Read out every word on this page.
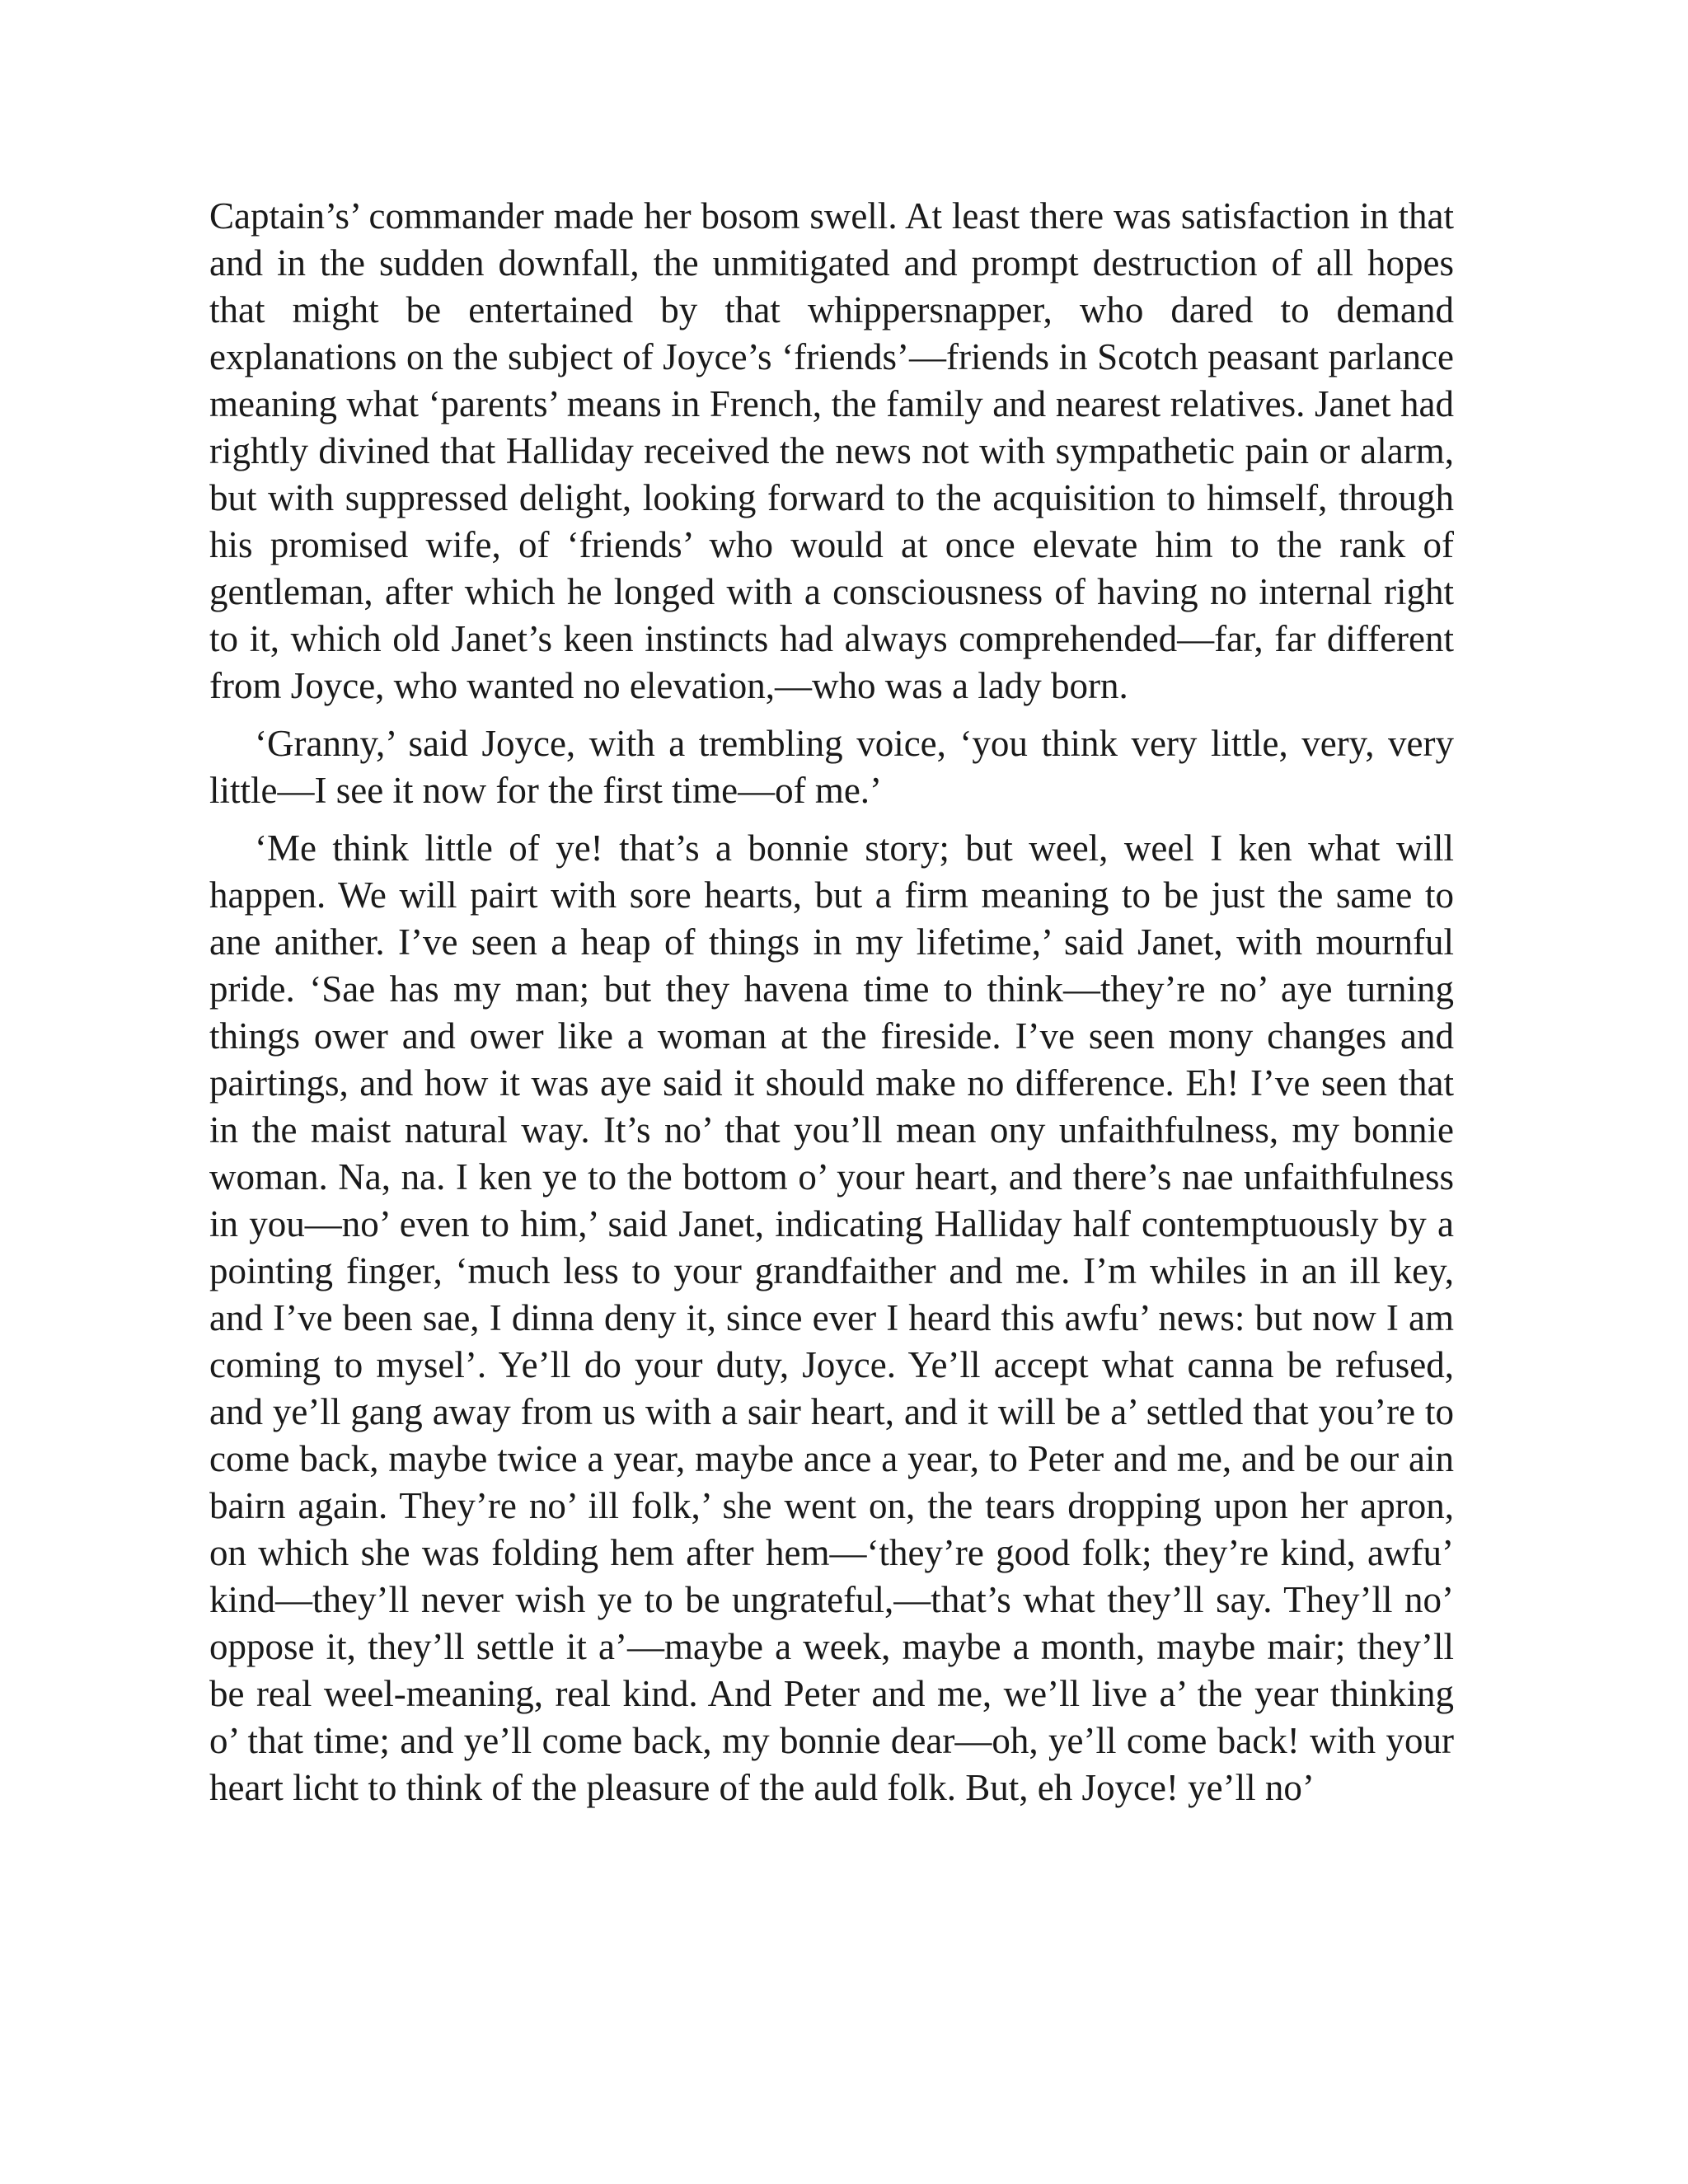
Captain’s’ commander made her bosom swell. At least there was satisfaction in that and in the sudden downfall, the unmitigated and prompt destruction of all hopes that might be entertained by that whippersnapper, who dared to demand explanations on the subject of Joyce’s ‘friends’—friends in Scotch peasant parlance meaning what ‘parents’ means in French, the family and nearest relatives. Janet had rightly divined that Halliday received the news not with sympathetic pain or alarm, but with suppressed delight, looking forward to the acquisition to himself, through his promised wife, of ‘friends’ who would at once elevate him to the rank of gentleman, after which he longed with a consciousness of having no internal right to it, which old Janet’s keen instincts had always comprehended—far, far different from Joyce, who wanted no elevation,—who was a lady born.

‘Granny,’ said Joyce, with a trembling voice, ‘you think very little, very, very little—I see it now for the first time—of me.’

‘Me think little of ye! that’s a bonnie story; but weel, weel I ken what will happen. We will pairt with sore hearts, but a firm meaning to be just the same to ane anither. I’ve seen a heap of things in my lifetime,’ said Janet, with mournful pride. ‘Sae has my man; but they havena time to think—they’re no’ aye turning things ower and ower like a woman at the fireside. I’ve seen mony changes and pairtings, and how it was aye said it should make no difference. Eh! I’ve seen that in the maist natural way. It’s no’ that you’ll mean ony unfaithfulness, my bonnie woman. Na, na. I ken ye to the bottom o’ your heart, and there’s nae unfaithfulness in you—no’ even to him,’ said Janet, indicating Halliday half contemptuously by a pointing finger, ‘much less to your grandfaither and me. I’m whiles in an ill key, and I’ve been sae, I dinna deny it, since ever I heard this awfu’ news: but now I am coming to mysel’. Ye’ll do your duty, Joyce. Ye’ll accept what canna be refused, and ye’ll gang away from us with a sair heart, and it will be a’ settled that you’re to come back, maybe twice a year, maybe ance a year, to Peter and me, and be our ain bairn again. They’re no’ ill folk,’ she went on, the tears dropping upon her apron, on which she was folding hem after hem—‘they’re good folk; they’re kind, awfu’ kind—they’ll never wish ye to be ungrateful,—that’s what they’ll say. They’ll no’ oppose it, they’ll settle it a’—maybe a week, maybe a month, maybe mair; they’ll be real weel-meaning, real kind. And Peter and me, we’ll live a’ the year thinking o’ that time; and ye’ll come back, my bonnie dear—oh, ye’ll come back! with your heart licht to think of the pleasure of the auld folk. But, eh Joyce! ye’ll no’
